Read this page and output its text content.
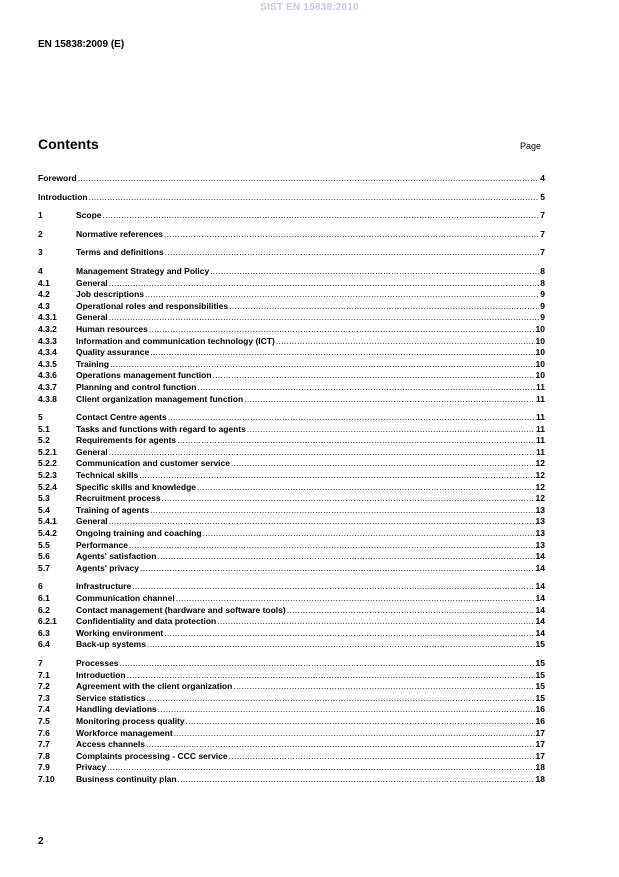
SIST EN 15838:2010
EN 15838:2009 (E)
Contents	Page
Foreword .....	4
Introduction .....	5
1	Scope .....	7
2	Normative references .....	7
3	Terms and definitions .....	7
4	Management Strategy and Policy .....	8
4.1	General .....	8
4.2	Job descriptions .....	9
4.3	Operational roles and responsibilities .....	9
4.3.1	General .....	9
4.3.2	Human resources .....	10
4.3.3	Information and communication technology (ICT) .....	10
4.3.4	Quality assurance .....	10
4.3.5	Training .....	10
4.3.6	Operations management function .....	10
4.3.7	Planning and control function .....	11
4.3.8	Client organization management function .....	11
5	Contact Centre agents .....	11
5.1	Tasks and functions with regard to agents .....	11
5.2	Requirements for agents .....	11
5.2.1	General .....	11
5.2.2	Communication and customer service .....	12
5.2.3	Technical skills .....	12
5.2.4	Specific skills and knowledge .....	12
5.3	Recruitment process .....	12
5.4	Training of agents .....	13
5.4.1	General .....	13
5.4.2	Ongoing training and coaching .....	13
5.5	Performance .....	13
5.6	Agents' satisfaction .....	14
5.7	Agents' privacy .....	14
6	Infrastructure .....	14
6.1	Communication channel .....	14
6.2	Contact management (hardware and software tools) .....	14
6.2.1	Confidentiality and data protection .....	14
6.3	Working environment .....	14
6.4	Back-up systems .....	15
7	Processes .....	15
7.1	Introduction .....	15
7.2	Agreement with the client organization .....	15
7.3	Service statistics .....	15
7.4	Handling deviations .....	16
7.5	Monitoring process quality .....	16
7.6	Workforce management .....	17
7.7	Access channels .....	17
7.8	Complaints processing - CCC service .....	17
7.9	Privacy .....	18
7.10	Business continuity plan .....	18
2
